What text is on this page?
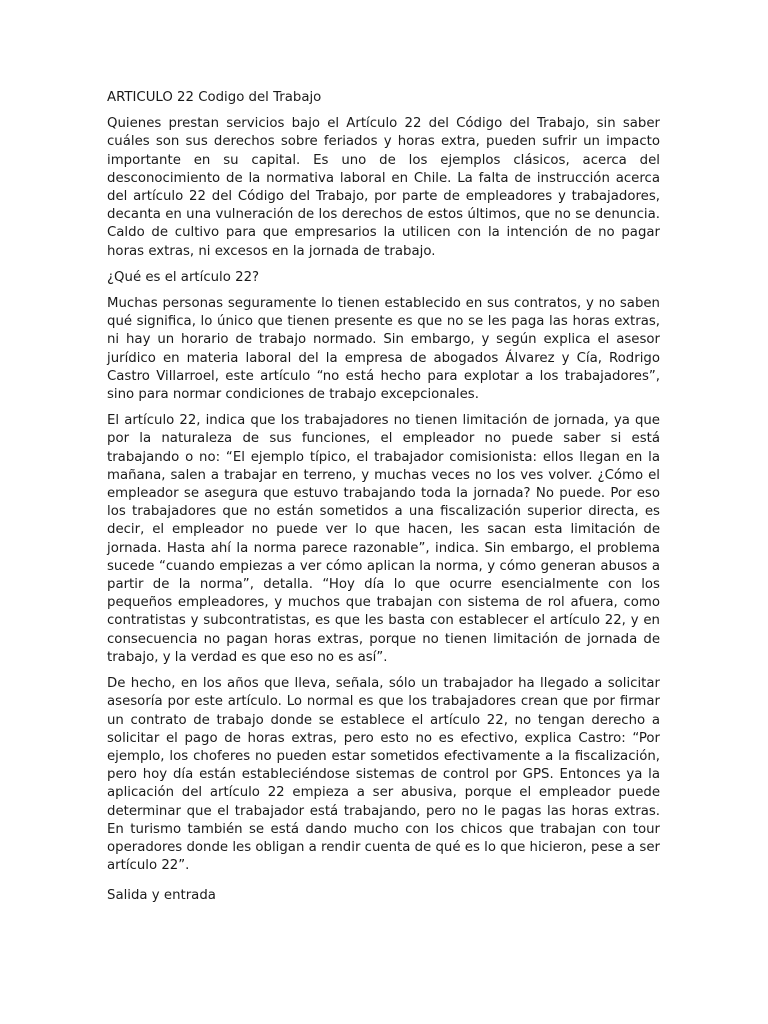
ARTICULO 22 Codigo del Trabajo

Quienes prestan servicios bajo el Artículo 22 del Código del Trabajo, sin saber cuáles son sus derechos sobre feriados y horas extra, pueden sufrir un impacto importante en su capital. Es uno de los ejemplos clásicos, acerca del desconocimiento de la normativa laboral en Chile. La falta de instrucción acerca del artículo 22 del Código del Trabajo, por parte de empleadores y trabajadores, decanta en una vulneración de los derechos de estos últimos, que no se denuncia. Caldo de cultivo para que empresarios la utilicen con la intención de no pagar horas extras, ni excesos en la jornada de trabajo.

¿Qué es el artículo 22?

Muchas personas seguramente lo tienen establecido en sus contratos, y no saben qué significa, lo único que tienen presente es que no se les paga las horas extras, ni hay un horario de trabajo normado. Sin embargo, y según explica el asesor jurídico en materia laboral del la empresa de abogados Álvarez y Cía, Rodrigo Castro Villarroel, este artículo “no está hecho para explotar a los trabajadores”, sino para normar condiciones de trabajo excepcionales.

El artículo 22, indica que los trabajadores no tienen limitación de jornada, ya que por la naturaleza de sus funciones, el empleador no puede saber si está trabajando o no: “El ejemplo típico, el trabajador comisionista: ellos llegan en la mañana, salen a trabajar en terreno, y muchas veces no los ves volver. ¿Cómo el empleador se asegura que estuvo trabajando toda la jornada? No puede. Por eso los trabajadores que no están sometidos a una fiscalización superior directa, es decir, el empleador no puede ver lo que hacen, les sacan esta limitación de jornada. Hasta ahí la norma parece razonable”, indica. Sin embargo, el problema sucede “cuando empiezas a ver cómo aplican la norma, y cómo generan abusos a partir de la norma”, detalla. “Hoy día lo que ocurre esencialmente con los pequeños empleadores, y muchos que trabajan con sistema de rol afuera, como contratistas y subcontratistas, es que les basta con establecer el artículo 22, y en consecuencia no pagan horas extras, porque no tienen limitación de jornada de trabajo, y la verdad es que eso no es así”.

De hecho, en los años que lleva, señala, sólo un trabajador ha llegado a solicitar asesoría por este artículo. Lo normal es que los trabajadores crean que por firmar un contrato de trabajo donde se establece el artículo 22, no tengan derecho a solicitar el pago de horas extras, pero esto no es efectivo, explica Castro: “Por ejemplo, los choferes no pueden estar sometidos efectivamente a la fiscalización, pero hoy día están estableciéndose sistemas de control por GPS. Entonces ya la aplicación del artículo 22 empieza a ser abusiva, porque el empleador puede determinar que el trabajador está trabajando, pero no le pagas las horas extras. En turismo también se está dando mucho con los chicos que trabajan con tour operadores donde les obligan a rendir cuenta de qué es lo que hicieron, pese a ser artículo 22”.

Salida y entrada
